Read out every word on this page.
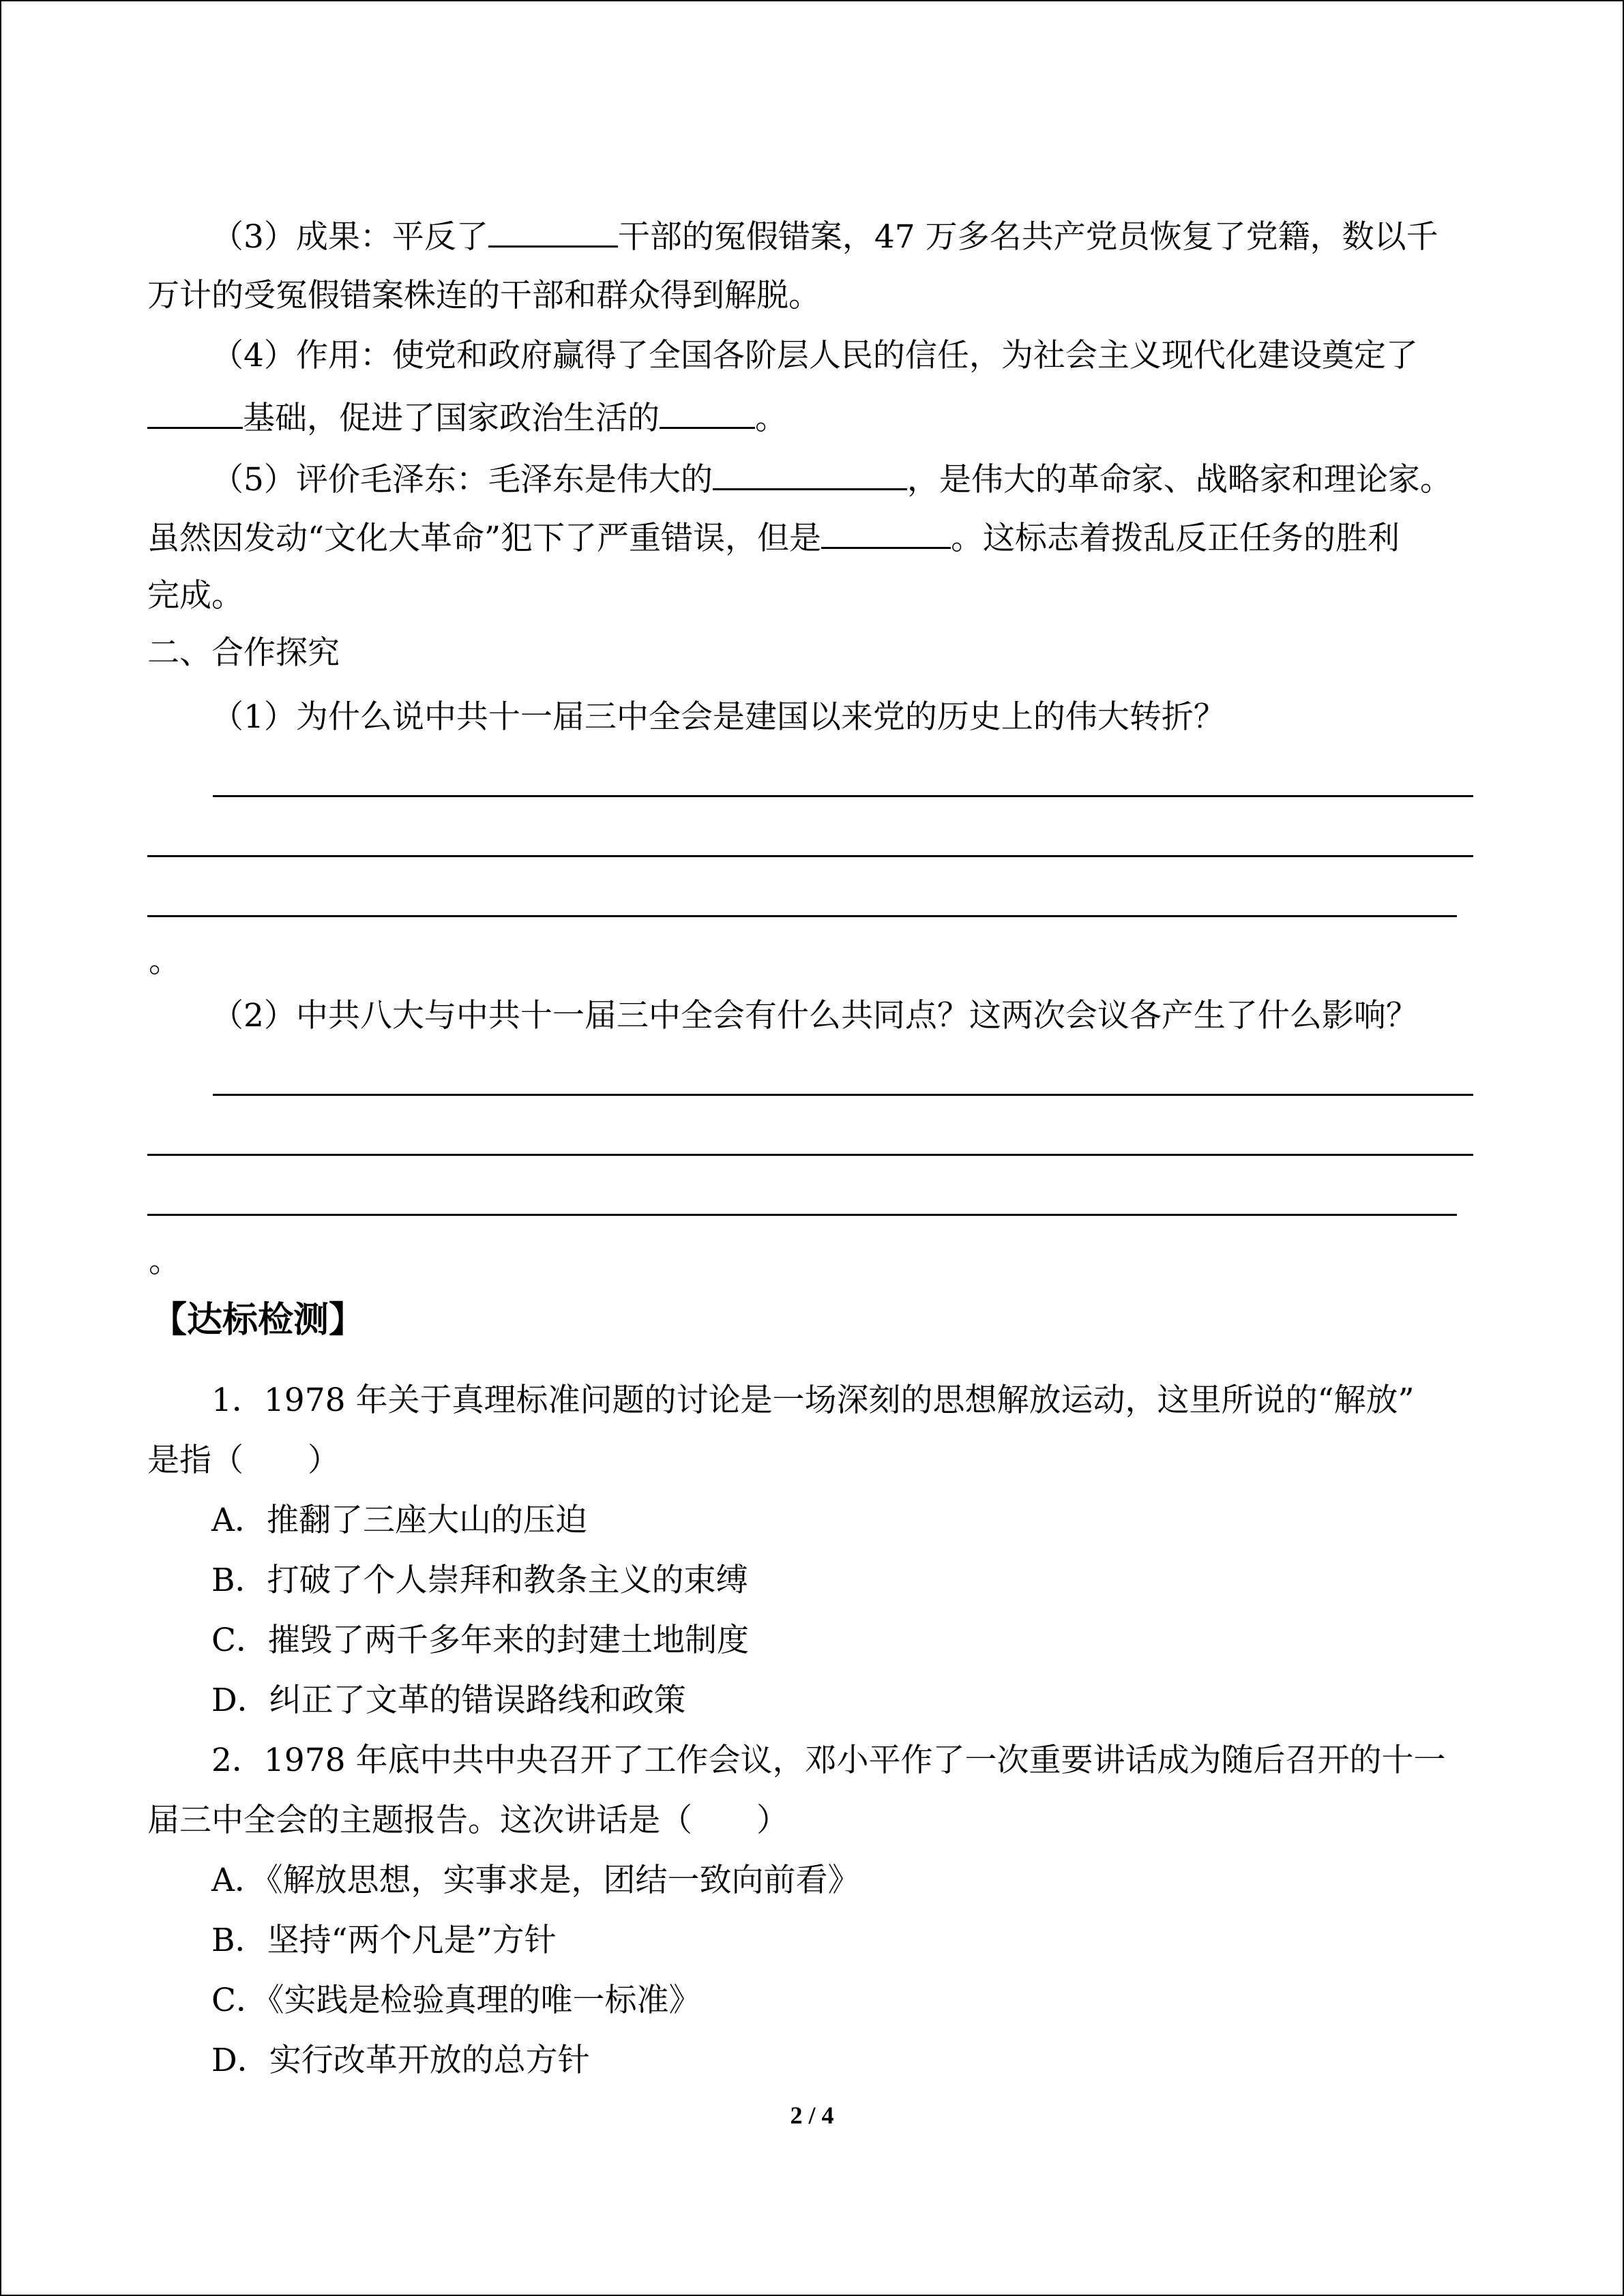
（3）成果：平反了	干部的冤假错案，47 万多名共产党员恢复了党籍，数以千
万计的受冤假错案株连的干部和群众得到解脱。
（4）作用：使党和政府赢得了全国各阶层人民的信任，为社会主义现代化建设奠定了
基础，促进了国家政治生活的	。
（5）评价毛泽东：毛泽东是伟大的	，是伟大的革命家、战略家和理论家。
虽然因发动“文化大革命”犯下了严重错误，但是	。这标志着拨乱反正任务的胜利
完成。
二、合作探究
（1）为什么说中共十一届三中全会是建国以来党的历史上的伟大转折？
。
（2）中共八大与中共十一届三中全会有什么共同点？这两次会议各产生了什么影响？
。
【达标检测】
1．1978 年关于真理标准问题的讨论是一场深刻的思想解放运动，这里所说的“解放”
是指（　　）
A．推翻了三座大山的压迫
B．打破了个人崇拜和教条主义的束缚
C．摧毁了两千多年来的封建土地制度
D．纠正了文革的错误路线和政策
2．1978 年底中共中央召开了工作会议，邓小平作了一次重要讲话成为随后召开的十一
届三中全会的主题报告。这次讲话是（　　）
A．《解放思想，实事求是，团结一致向前看》
B．坚持“两个凡是”方针
C．《实践是检验真理的唯一标准》
D．实行改革开放的总方针
2 / 4
